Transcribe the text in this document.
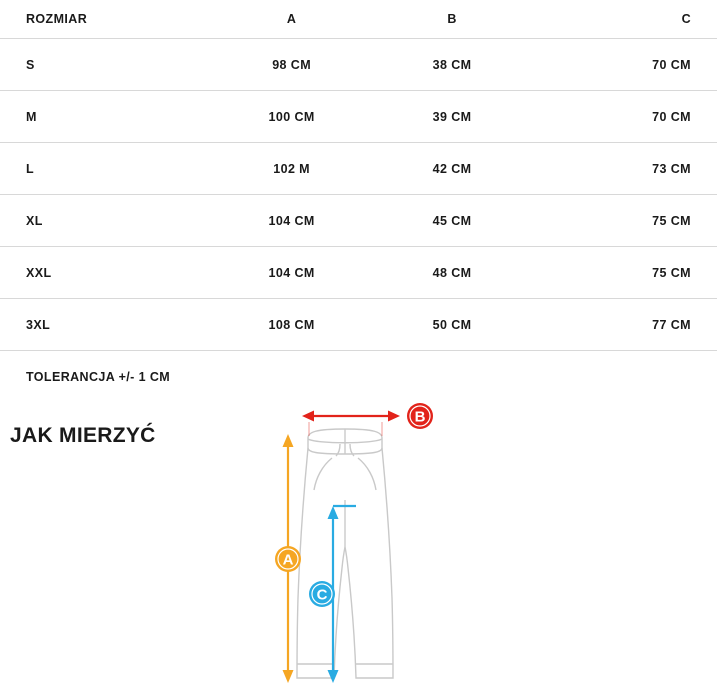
ROZMIAR	A	B	C
S	98 CM	38 CM	70 CM
M	100 CM	39 CM	70 CM
L	102 M	42 CM	73 CM
XL	104 CM	45 CM	75 CM
XXL	104 CM	48 CM	75 CM
3XL	108 CM	50 CM	77 CM
TOLERANCJA +/- 1 CM
JAK MIERZYĆ
B
A
C
